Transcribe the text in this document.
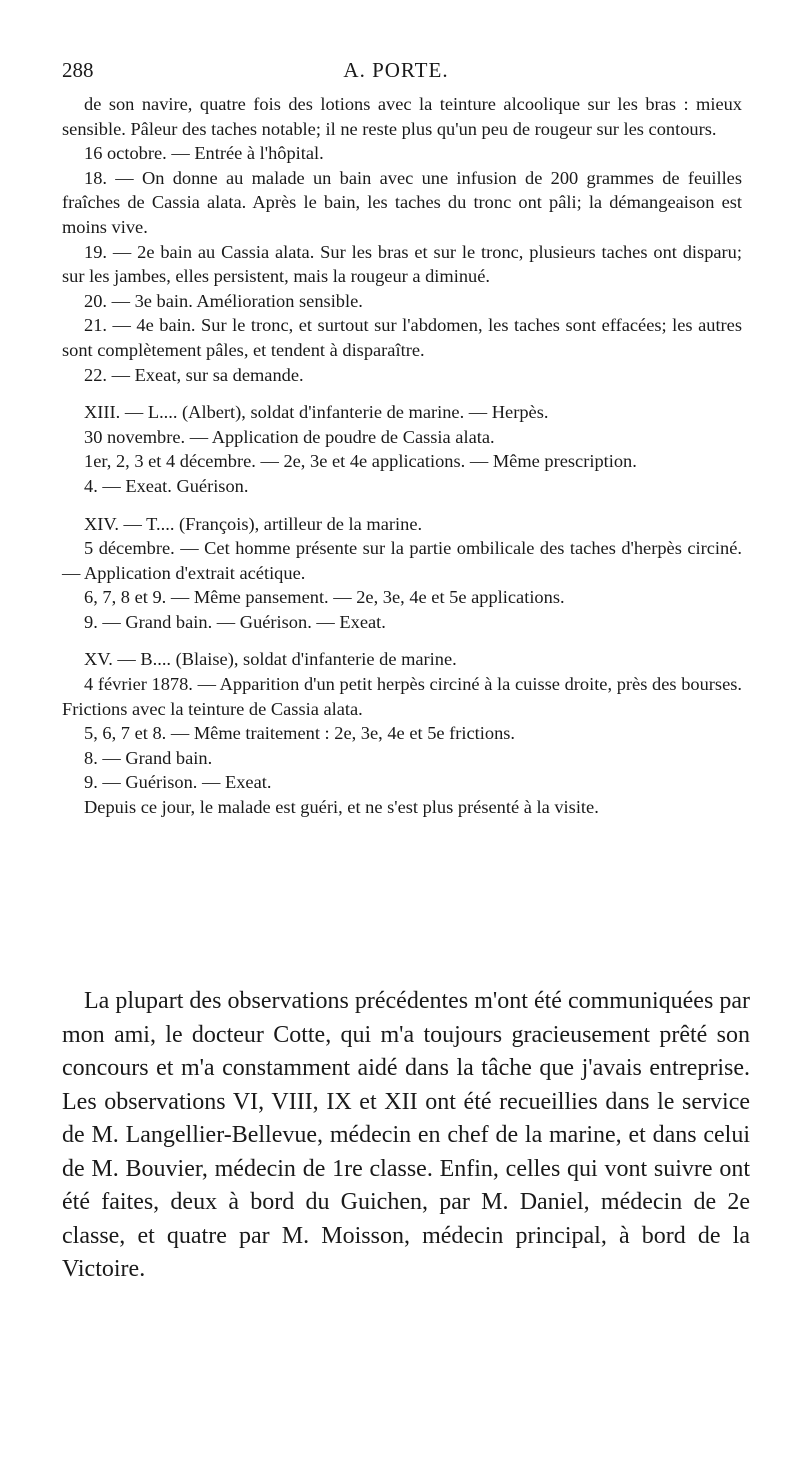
288	A. PORTE.

de son navire, quatre fois des lotions avec la teinture alcoolique sur les bras : mieux sensible. Pâleur des taches notable; il ne reste plus qu'un peu de rougeur sur les contours.

16 octobre. — Entrée à l'hôpital.

18. — On donne au malade un bain avec une infusion de 200 grammes de feuilles fraîches de Cassia alata. Après le bain, les taches du tronc ont pâli; la démangeaison est moins vive.

19. — 2e bain au Cassia alata. Sur les bras et sur le tronc, plusieurs taches ont disparu; sur les jambes, elles persistent, mais la rougeur a diminué.

20. — 3e bain. Amélioration sensible.

21. — 4e bain. Sur le tronc, et surtout sur l'abdomen, les taches sont effacées; les autres sont complètement pâles, et tendent à disparaître.

22. — Exeat, sur sa demande.

XIII. — L.... (Albert), soldat d'infanterie de marine. — Herpès.

30 novembre. — Application de poudre de Cassia alata.

1er, 2, 3 et 4 décembre. — 2e, 3e et 4e applications. — Même prescription.

4. — Exeat. Guérison.

XIV. — T.... (François), artilleur de la marine.

5 décembre. — Cet homme présente sur la partie ombilicale des taches d'herpès circiné. — Application d'extrait acétique.

6, 7, 8 et 9. — Même pansement. — 2e, 3e, 4e et 5e applications.

9. — Grand bain. — Guérison. — Exeat.

XV. — B.... (Blaise), soldat d'infanterie de marine.

4 février 1878. — Apparition d'un petit herpès circiné à la cuisse droite, près des bourses. Frictions avec la teinture de Cassia alata.

5, 6, 7 et 8. — Même traitement : 2e, 3e, 4e et 5e frictions.

8. — Grand bain.

9. — Guérison. — Exeat.

Depuis ce jour, le malade est guéri, et ne s'est plus présenté à la visite.

La plupart des observations précédentes m'ont été communiquées par mon ami, le docteur Cotte, qui m'a toujours gracieusement prêté son concours et m'a constamment aidé dans la tâche que j'avais entreprise. Les observations VI, VIII, IX et XII ont été recueillies dans le service de M. Langellier-Bellevue, médecin en chef de la marine, et dans celui de M. Bouvier, médecin de 1re classe. Enfin, celles qui vont suivre ont été faites, deux à bord du Guichen, par M. Daniel, médecin de 2e classe, et quatre par M. Moisson, médecin principal, à bord de la Victoire.
